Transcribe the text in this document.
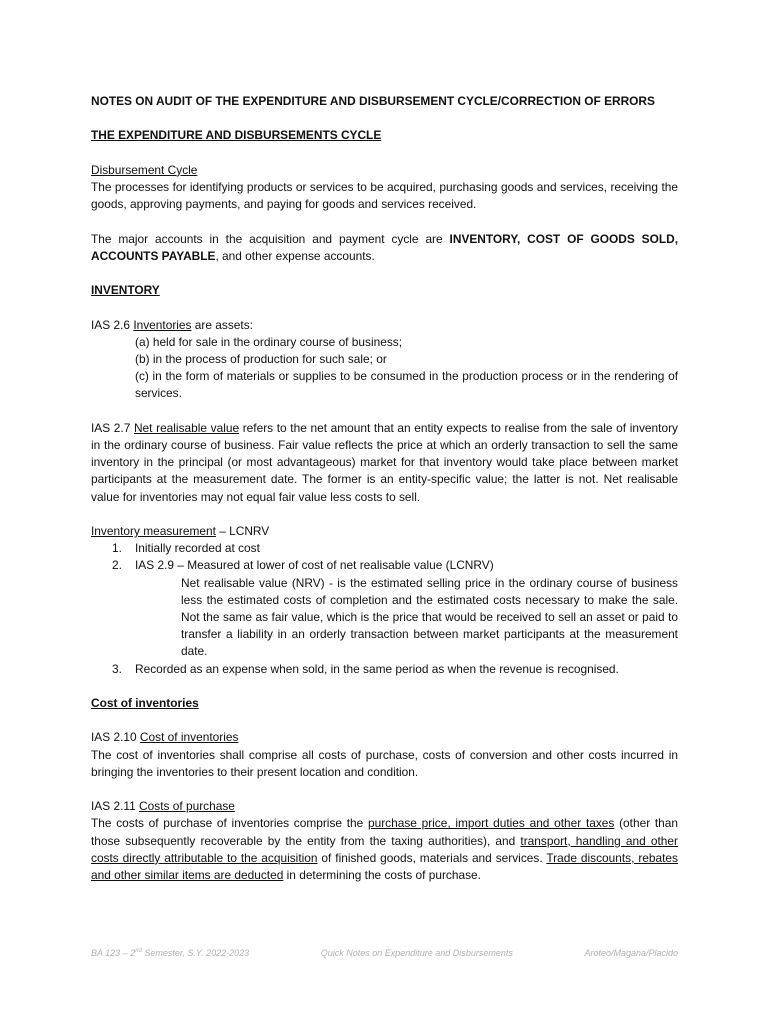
NOTES ON AUDIT OF THE EXPENDITURE AND DISBURSEMENT CYCLE/CORRECTION OF ERRORS

THE EXPENDITURE AND DISBURSEMENTS CYCLE

Disbursement Cycle

The processes for identifying products or services to be acquired, purchasing goods and services, receiving the goods, approving payments, and paying for goods and services received.

The major accounts in the acquisition and payment cycle are INVENTORY, COST OF GOODS SOLD, ACCOUNTS PAYABLE, and other expense accounts.

INVENTORY

IAS 2.6 Inventories are assets:

(a) held for sale in the ordinary course of business;

(b) in the process of production for such sale; or

(c) in the form of materials or supplies to be consumed in the production process or in the rendering of services.

IAS 2.7 Net realisable value refers to the net amount that an entity expects to realise from the sale of inventory in the ordinary course of business. Fair value reflects the price at which an orderly transaction to sell the same inventory in the principal (or most advantageous) market for that inventory would take place between market participants at the measurement date. The former is an entity-specific value; the latter is not. Net realisable value for inventories may not equal fair value less costs to sell.

Inventory measurement – LCNRV

1. Initially recorded at cost
2. IAS 2.9 – Measured at lower of cost of net realisable value (LCNRV)

Net realisable value (NRV) - is the estimated selling price in the ordinary course of business less the estimated costs of completion and the estimated costs necessary to make the sale. Not the same as fair value, which is the price that would be received to sell an asset or paid to transfer a liability in an orderly transaction between market participants at the measurement date.

3. Recorded as an expense when sold, in the same period as when the revenue is recognised.

Cost of inventories

IAS 2.10 Cost of inventories

The cost of inventories shall comprise all costs of purchase, costs of conversion and other costs incurred in bringing the inventories to their present location and condition.

IAS 2.11 Costs of purchase

The costs of purchase of inventories comprise the purchase price, import duties and other taxes (other than those subsequently recoverable by the entity from the taxing authorities), and transport, handling and other costs directly attributable to the acquisition of finished goods, materials and services. Trade discounts, rebates and other similar items are deducted in determining the costs of purchase.

BA 123 – 2nd Semester, S.Y. 2022-2023	Quick Notes on Expenditure and Disbursements	Aroteo/Magana/Placido
